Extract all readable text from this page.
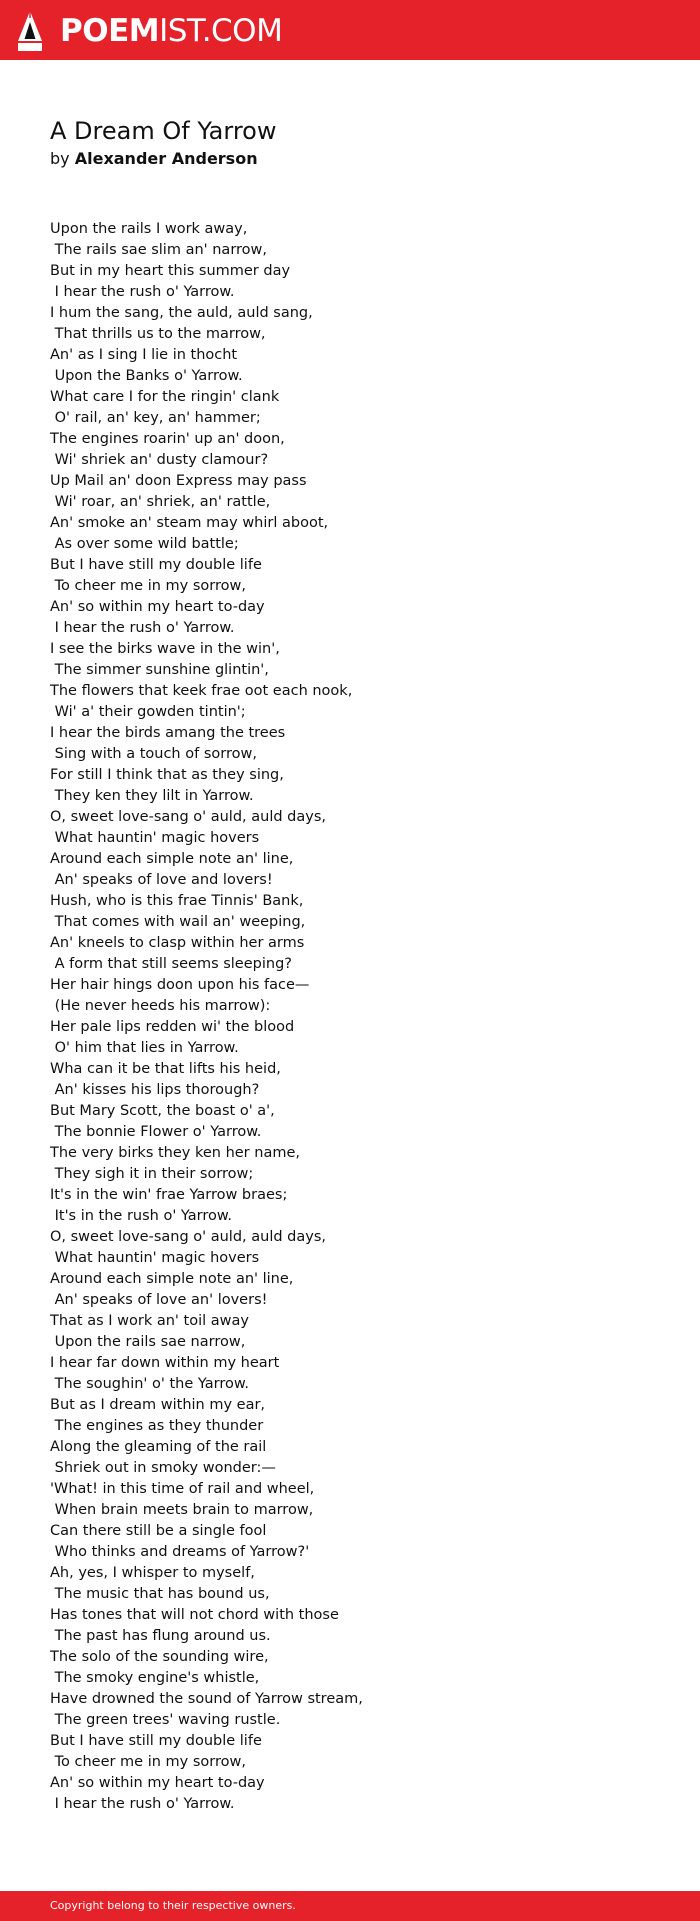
POEM IST.COM
A Dream Of Yarrow
by Alexander Anderson
Upon the rails I work away,
The rails sae slim an' narrow,
But in my heart this summer day
I hear the rush o' Yarrow.
I hum the sang, the auld, auld sang,
That thrills us to the marrow,
An' as I sing I lie in thocht
Upon the Banks o' Yarrow.
What care I for the ringin' clank
O' rail, an' key, an' hammer;
The engines roarin' up an' doon,
Wi' shriek an' dusty clamour?
Up Mail an' doon Express may pass
Wi' roar, an' shriek, an' rattle,
An' smoke an' steam may whirl aboot,
As over some wild battle;
But I have still my double life
To cheer me in my sorrow,
An' so within my heart to-day
I hear the rush o' Yarrow.
I see the birks wave in the win',
The simmer sunshine glintin',
The flowers that keek frae oot each nook,
Wi' a' their gowden tintin';
I hear the birds amang the trees
Sing with a touch of sorrow,
For still I think that as they sing,
They ken they lilt in Yarrow.
O, sweet love-sang o' auld, auld days,
What hauntin' magic hovers
Around each simple note an' line,
An' speaks of love and lovers!
Hush, who is this frae Tinnis' Bank,
That comes with wail an' weeping,
An' kneels to clasp within her arms
A form that still seems sleeping?
Her hair hings doon upon his face—
(He never heeds his marrow):
Her pale lips redden wi' the blood
O' him that lies in Yarrow.
Wha can it be that lifts his heid,
An' kisses his lips thorough?
But Mary Scott, the boast o' a',
The bonnie Flower o' Yarrow.
The very birks they ken her name,
They sigh it in their sorrow;
It's in the win' frae Yarrow braes;
It's in the rush o' Yarrow.
O, sweet love-sang o' auld, auld days,
What hauntin' magic hovers
Around each simple note an' line,
An' speaks of love an' lovers!
That as I work an' toil away
Upon the rails sae narrow,
I hear far down within my heart
The soughin' o' the Yarrow.
But as I dream within my ear,
The engines as they thunder
Along the gleaming of the rail
Shriek out in smoky wonder:—
'What! in this time of rail and wheel,
When brain meets brain to marrow,
Can there still be a single fool
Who thinks and dreams of Yarrow?'
Ah, yes, I whisper to myself,
The music that has bound us,
Has tones that will not chord with those
The past has flung around us.
The solo of the sounding wire,
The smoky engine's whistle,
Have drowned the sound of Yarrow stream,
The green trees' waving rustle.
But I have still my double life
To cheer me in my sorrow,
An' so within my heart to-day
I hear the rush o' Yarrow.
Copyright belong to their respective owners.
